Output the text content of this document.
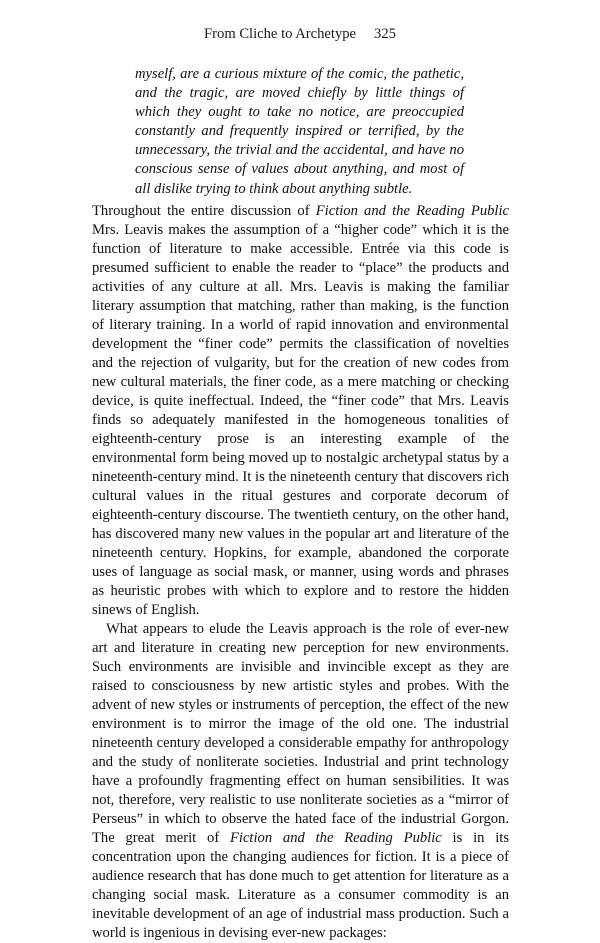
From Cliche to Archetype 325
myself, are a curious mixture of the comic, the pathetic, and the tragic, are moved chiefly by little things of which they ought to take no notice, are preoccupied constantly and frequently inspired or terrified, by the unnecessary, the trivial and the accidental, and have no conscious sense of values about anything, and most of all dislike trying to think about anything subtle.

Throughout the entire discussion of Fiction and the Reading Public Mrs. Leavis makes the assumption of a “higher code” which it is the function of literature to make accessible. Entrée via this code is presumed sufficient to enable the reader to “place” the products and activities of any culture at all. Mrs. Leavis is making the familiar literary assumption that matching, rather than making, is the function of literary training. In a world of rapid innovation and environmental development the “finer code” permits the classification of novelties and the rejection of vulgarity, but for the creation of new codes from new cultural materials, the finer code, as a mere matching or checking device, is quite ineffectual. Indeed, the “finer code” that Mrs. Leavis finds so adequately manifested in the homogeneous tonalities of eighteenth-century prose is an interesting example of the environmental form being moved up to nostalgic archetypal status by a nineteenth-century mind. It is the nineteenth century that discovers rich cultural values in the ritual gestures and corporate decorum of eighteenth-century discourse. The twentieth century, on the other hand, has discovered many new values in the popular art and literature of the nineteenth century. Hopkins, for example, abandoned the corporate uses of language as social mask, or manner, using words and phrases as heuristic probes with which to explore and to restore the hidden sinews of English.

What appears to elude the Leavis approach is the role of ever-new art and literature in creating new perception for new environments. Such environments are invisible and invincible except as they are raised to consciousness by new artistic styles and probes. With the advent of new styles or instruments of perception, the effect of the new environment is to mirror the image of the old one. The industrial nineteenth century developed a considerable empathy for anthropology and the study of nonliterate societies. Industrial and print technology have a profoundly fragmenting effect on human sensibilities. It was not, therefore, very realistic to use nonliterate societies as a “mirror of Perseus” in which to observe the hated face of the industrial Gorgon. The great merit of Fiction and the Reading Public is in its concentration upon the changing audiences for fiction. It is a piece of audience research that has done much to get attention for literature as a changing social mask. Literature as a consumer commodity is an inevitable development of an age of industrial mass production. Such a world is ingenious in devising ever-new packages:
